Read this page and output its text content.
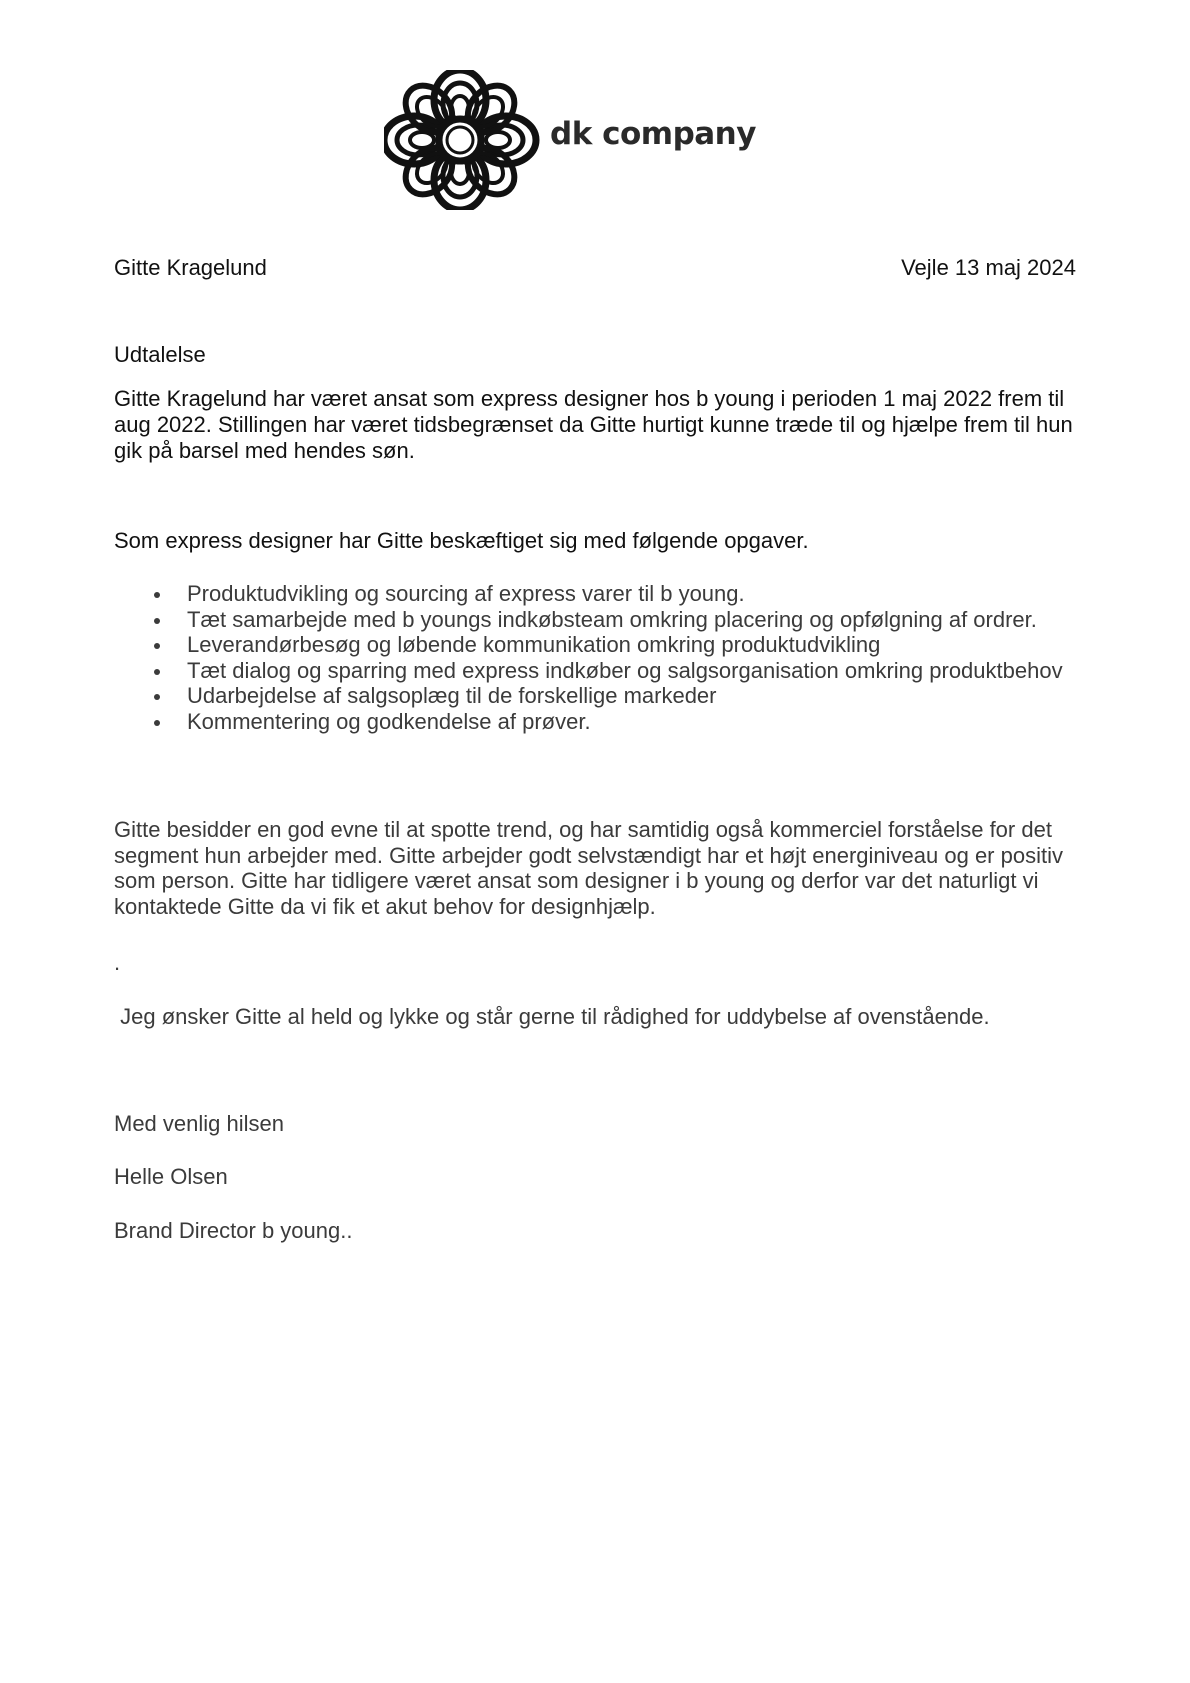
dk company
Gitte Kragelund	Vejle 13 maj 2024
Udtalelse
Gitte Kragelund har været ansat som express designer hos b young i perioden 1 maj 2022 frem til
aug 2022. Stillingen har været tidsbegrænset da Gitte hurtigt kunne træde til og hjælpe frem til hun
gik på barsel med hendes søn.
Som express designer har Gitte beskæftiget sig med følgende opgaver.
Produktudvikling og sourcing af express varer til b young.
Tæt samarbejde med b youngs indkøbsteam omkring placering og opfølgning af ordrer.
Leverandørbesøg og løbende kommunikation omkring produktudvikling
Tæt dialog og sparring med express indkøber og salgsorganisation omkring produktbehov
Udarbejdelse af salgsoplæg til de forskellige markeder
Kommentering og godkendelse af prøver.
Gitte besidder en god evne til at spotte trend, og har samtidig også kommerciel forståelse for det
segment hun arbejder med. Gitte arbejder godt selvstændigt har et højt energiniveau og er positiv
som person. Gitte har tidligere været ansat som designer i b young og derfor var det naturligt vi
kontaktede Gitte da vi fik et akut behov for designhjælp.
.
Jeg ønsker Gitte al held og lykke og står gerne til rådighed for uddybelse af ovenstående.
Med venlig hilsen
Helle Olsen
Brand Director b young..
